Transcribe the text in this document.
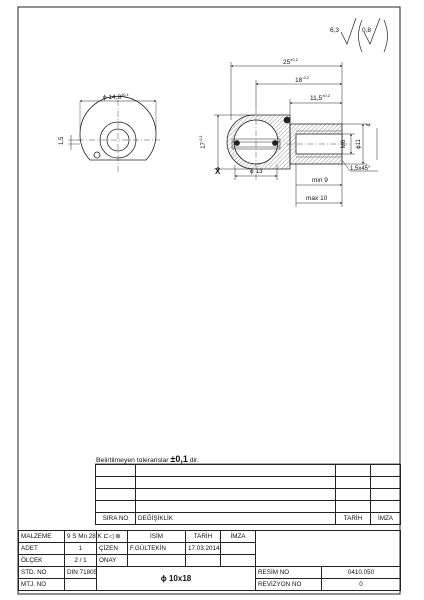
6,3	0,8
ϕ $14,8^{\pm 0,1}$
1,5
$25^{\pm 0,2}$
$18^{-0,2}$
$11,5^{\pm 0,2}$
$17^{-0,1}$
M6 ϕ11
4
ϕ 13	1,5x45°
min 9
max 10
X
Belirtilmeyen toleranslar ±0,1 dir.

SIRA NO	DEĞİŞİKLİK	TARİH	İMZA
MALZEME	9 S Mn 28 K	⊏◁ ⊕	İSİM	TARİH	İMZA		
ADET	1	ÇİZEN	F.GÜLTEKİN	17.03.2014			
ÖLÇEK	2 / 1	ONAY					
STD. NO	DIN 71805	ϕ 10x18				RESİM NO	0410.050
MTJ. NO						REVİZYON NO	0
